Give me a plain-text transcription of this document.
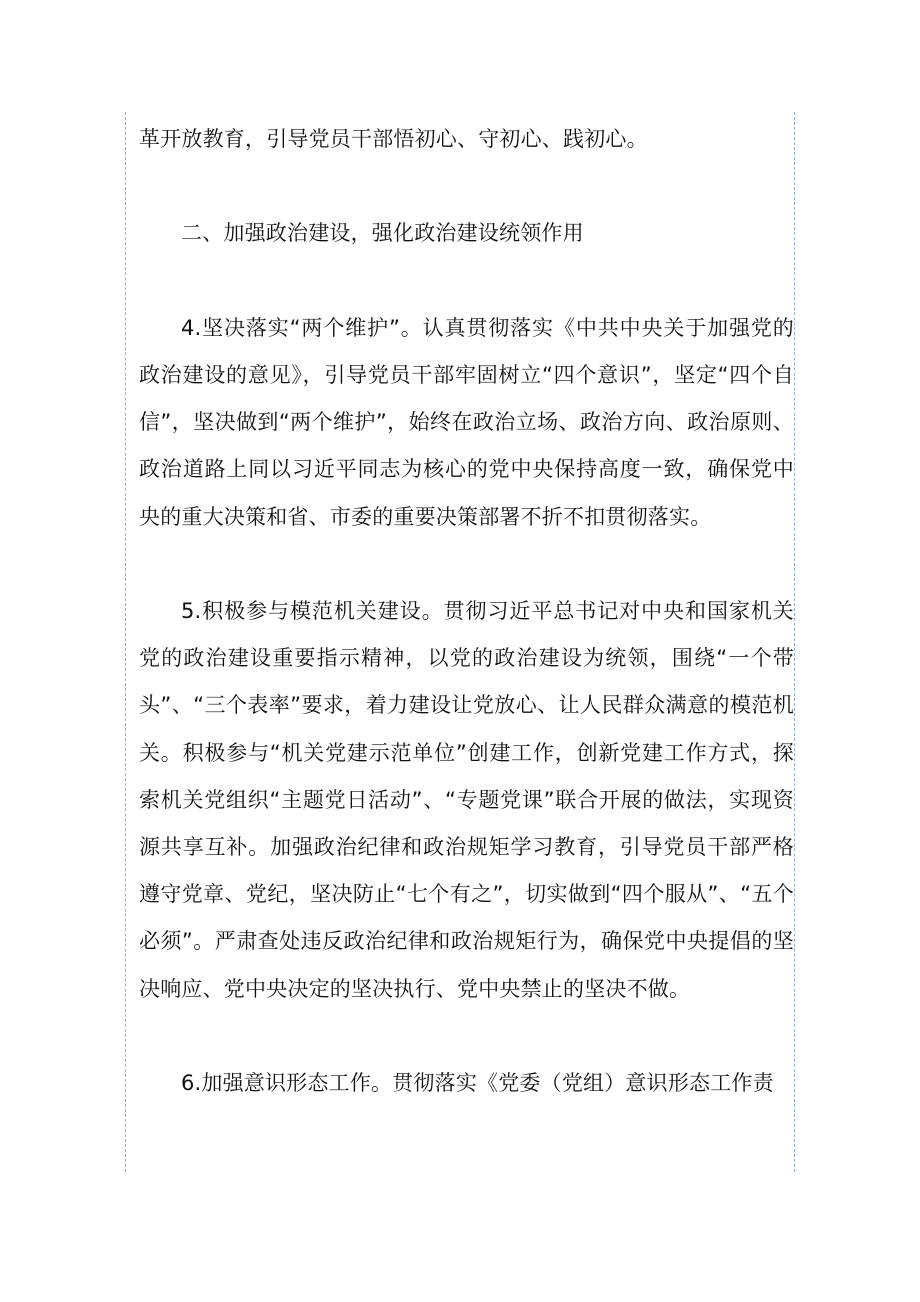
革开放教育，引导党员干部悟初心、守初心、践初心。

二、加强政治建设，强化政治建设统领作用

4.坚决落实“两个维护”。认真贯彻落实《中共中央关于加强党的政治建设的意见》，引导党员干部牢固树立“四个意识”，坚定“四个自信”，坚决做到“两个维护”，始终在政治立场、政治方向、政治原则、政治道路上同以习近平同志为核心的党中央保持高度一致，确保党中央的重大决策和省、市委的重要决策部署不折不扣贯彻落实。

5.积极参与模范机关建设。贯彻习近平总书记对中央和国家机关党的政治建设重要指示精神，以党的政治建设为统领，围绕“一个带头”、“三个表率”要求，着力建设让党放心、让人民群众满意的模范机关。积极参与“机关党建示范单位”创建工作，创新党建工作方式，探索机关党组织“主题党日活动”、“专题党课”联合开展的做法，实现资源共享互补。加强政治纪律和政治规矩学习教育，引导党员干部严格遵守党章、党纪，坚决防止“七个有之”，切实做到“四个服从”、“五个必须”。严肃查处违反政治纪律和政治规矩行为，确保党中央提倡的坚决响应、党中央决定的坚决执行、党中央禁止的坚决不做。

6.加强意识形态工作。贯彻落实《党委（党组）意识形态工作责
